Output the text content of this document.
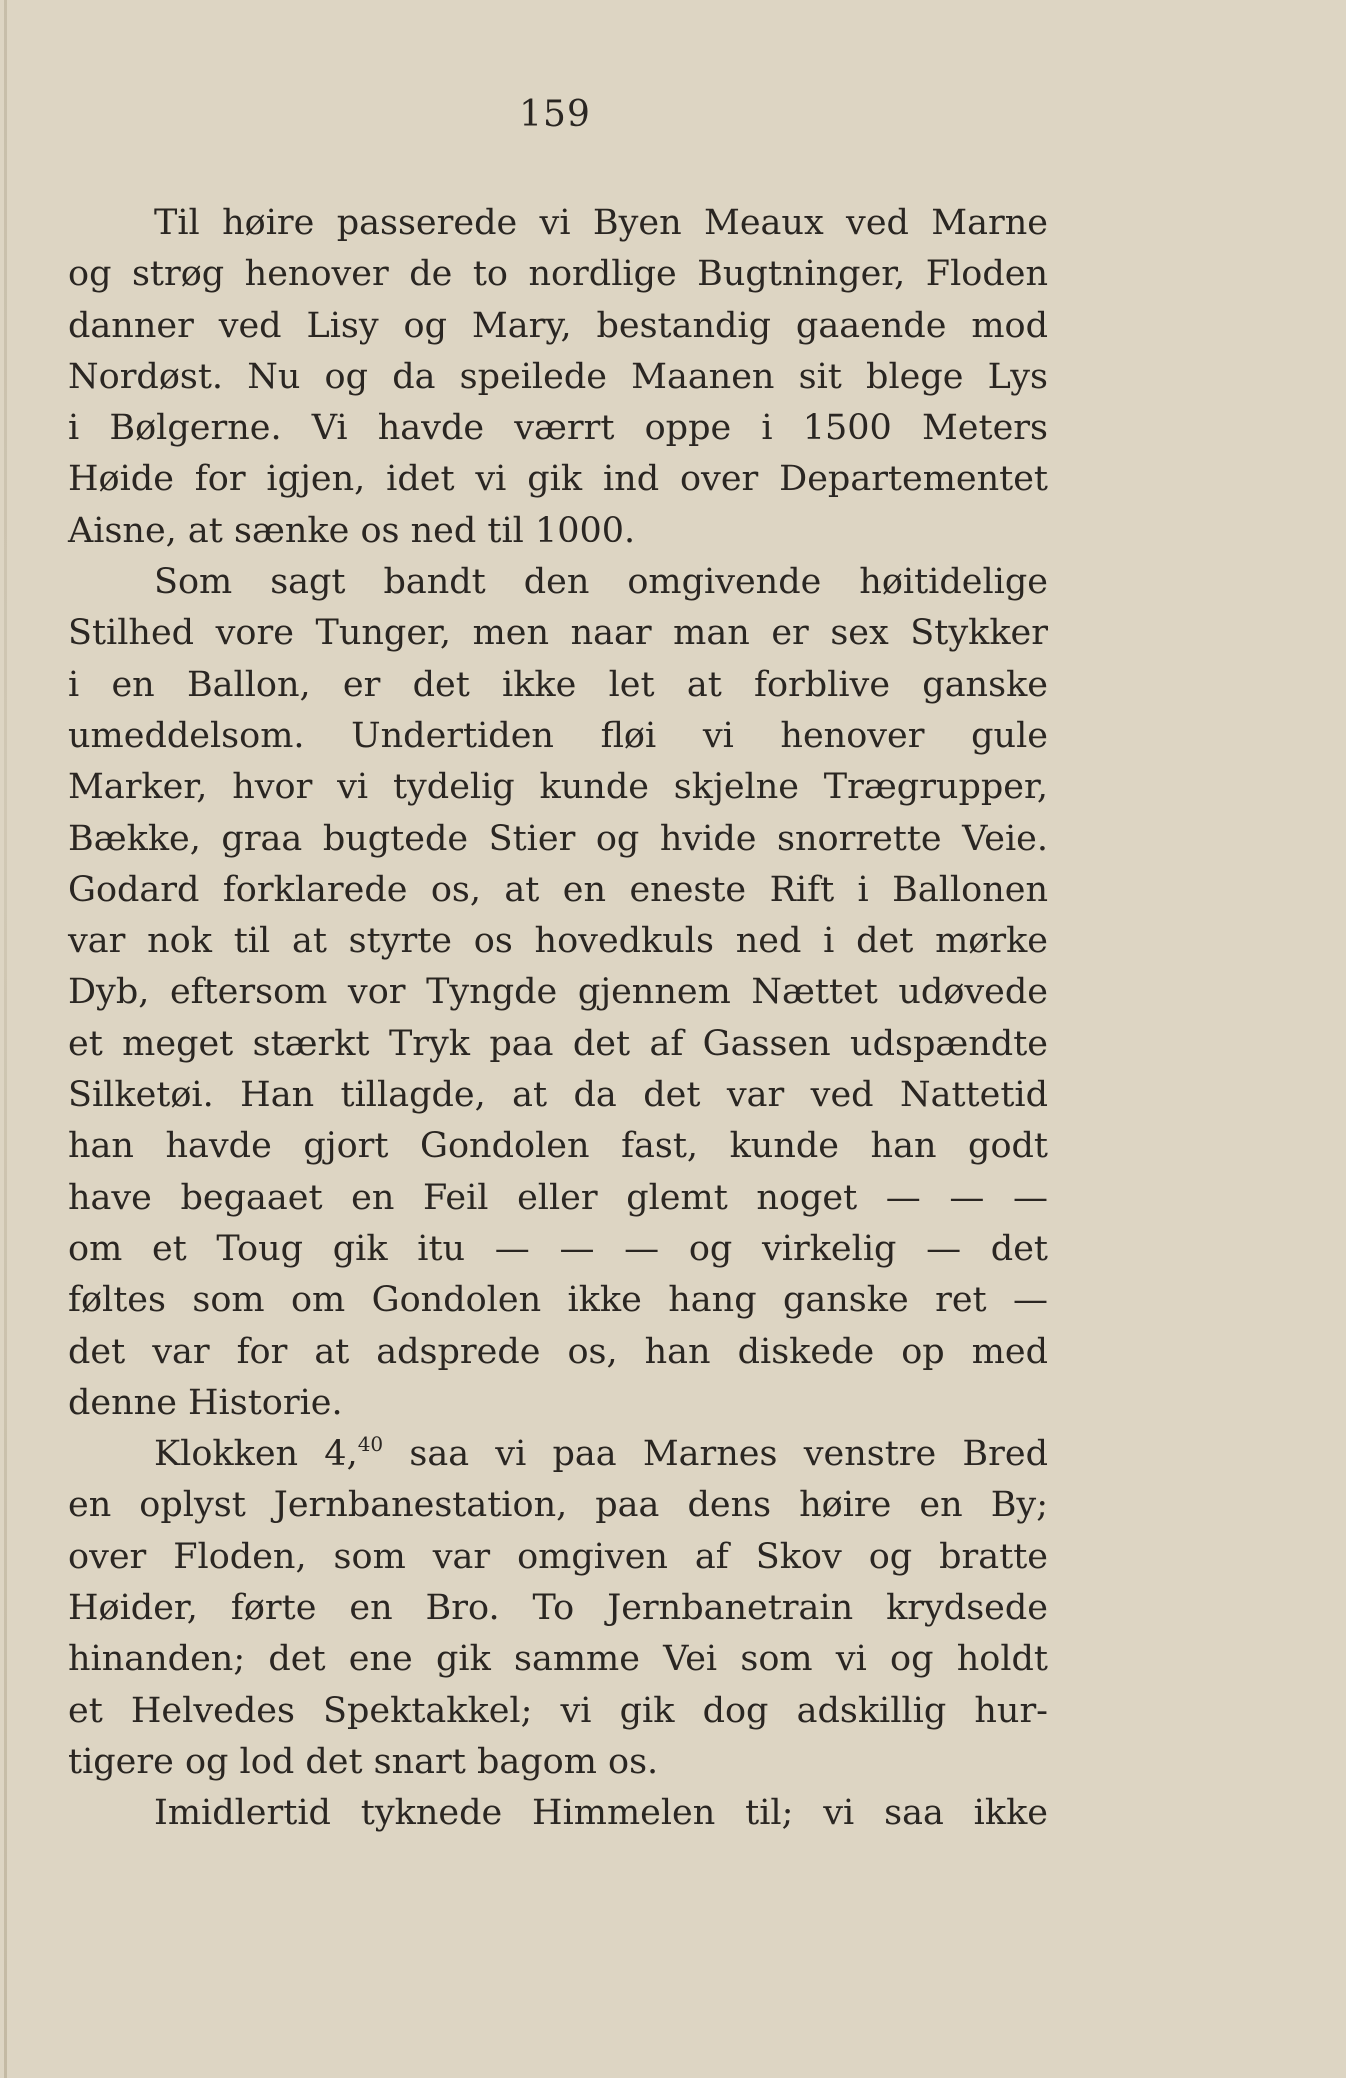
159
Til høire passerede vi Byen Meaux ved Marne
og strøg henover de to nordlige Bugtninger, Floden
danner ved Lisy og Mary, bestandig gaaende mod
Nordøst. Nu og da speilede Maanen sit blege Lys
i Bølgerne. Vi havde værrt oppe i 1500 Meters
Høide for igjen, idet vi gik ind over Departementet
Aisne, at sænke os ned til 1000.
Som sagt bandt den omgivende høitidelige
Stilhed vore Tunger, men naar man er sex Stykker
i en Ballon, er det ikke let at forblive ganske
umeddelsom. Undertiden fløi vi henover gule
Marker, hvor vi tydelig kunde skjelne Trægrupper,
Bække, graa bugtede Stier og hvide snorrette Veie.
Godard forklarede os, at en eneste Rift i Ballonen
var nok til at styrte os hovedkuls ned i det mørke
Dyb, eftersom vor Tyngde gjennem Nættet udøvede
et meget stærkt Tryk paa det af Gassen udspændte
Silketøi. Han tillagde, at da det var ved Nattetid
han havde gjort Gondolen fast, kunde han godt
have begaaet en Feil eller glemt noget — — —
om et Toug gik itu — — — og virkelig — det
føltes som om Gondolen ikke hang ganske ret —
det var for at adsprede os, han diskede op med
denne Historie.
Klokken 4,40 saa vi paa Marnes venstre Bred
en oplyst Jernbanestation, paa dens høire en By;
over Floden, som var omgiven af Skov og bratte
Høider, førte en Bro. To Jernbanetrain krydsede
hinanden; det ene gik samme Vei som vi og holdt
et Helvedes Spektakkel; vi gik dog adskillig hur-
tigere og lod det snart bagom os.
Imidlertid tyknede Himmelen til; vi saa ikke
